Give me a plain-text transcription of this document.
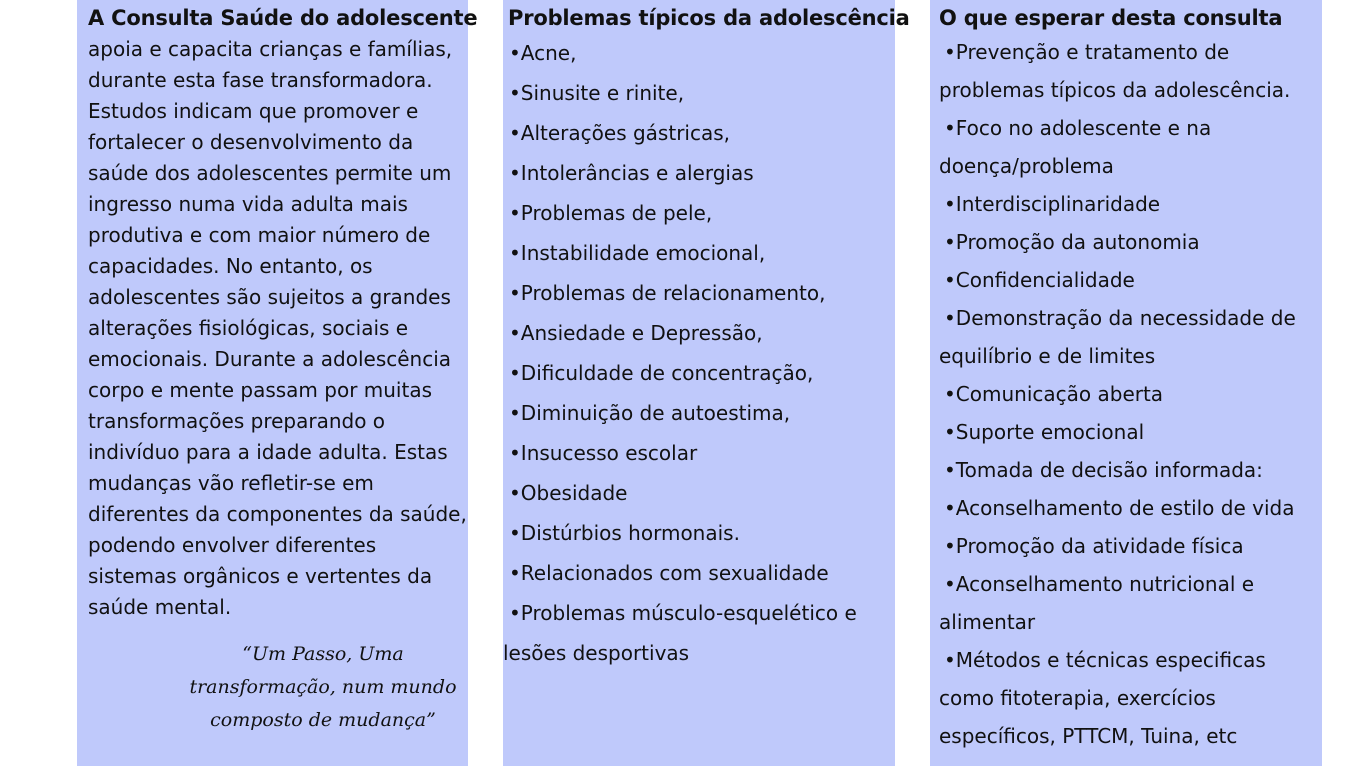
A Consulta Saúde do adolescente

apoia e capacita crianças e famílias, durante esta fase transformadora. Estudos indicam que promover e fortalecer o desenvolvimento da saúde dos adolescentes permite um ingresso numa vida adulta mais produtiva e com maior número de capacidades. No entanto, os adolescentes são sujeitos a grandes alterações fisiológicas, sociais e emocionais. Durante a adolescência corpo e mente passam por muitas transformações preparando o indivíduo para a idade adulta. Estas mudanças vão refletir-se em diferentes da componentes da saúde, podendo envolver diferentes sistemas orgânicos e vertentes da saúde mental.

“Um Passo, Uma transformação, num mundo composto de mudança”

Problemas típicos da adolescência
•Acne,
•Sinusite e rinite,
•Alterações gástricas,
•Intolerâncias e alergias
•Problemas de pele,
•Instabilidade emocional,
•Problemas de relacionamento,
•Ansiedade e Depressão,
•Dificuldade de concentração,
•Diminuição de autoestima,
•Insucesso escolar
•Obesidade
•Distúrbios hormonais.
•Relacionados com sexualidade
•Problemas músculo-esquelético e lesões desportivas
O que esperar desta consulta
•Prevenção e tratamento de problemas típicos da adolescência.
•Foco no adolescente e na doença/problema
•Interdisciplinaridade
•Promoção da autonomia
•Confidencialidade
•Demonstração da necessidade de equilíbrio e de limites
•Comunicação aberta
•Suporte emocional
•Tomada de decisão informada:
•Aconselhamento de estilo de vida
•Promoção da atividade física
•Aconselhamento nutricional e alimentar
•Métodos e técnicas especificas como fitoterapia, exercícios específicos, PTTCM, Tuina, etc
